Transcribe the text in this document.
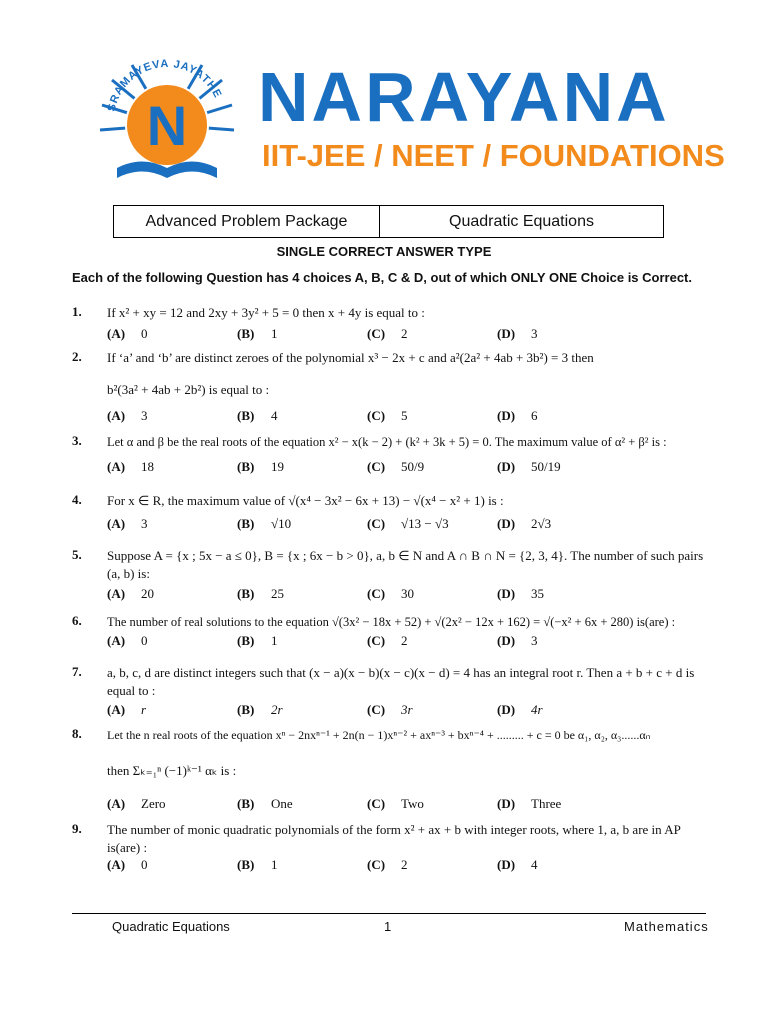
N
SRAMAYEVA JAYATHE NARAYANA
IIT-JEE / NEET / FOUNDATIONS
Advanced Problem Package	Quadratic Equations
SINGLE CORRECT ANSWER TYPE
Each of the following Question has 4 choices A, B, C & D, out of which ONLY ONE Choice is Correct.
1. If x² + xy = 12 and 2xy + 3y² + 5 = 0 then x + 4y is equal to :
(A) 0	(B) 1	(C) 2	(D) 3
2. If ‘a’ and ‘b’ are distinct zeroes of the polynomial x³ − 2x + c and a²(2a² + 4ab + 3b²) = 3 then
b²(3a² + 4ab + 2b²) is equal to :
(A) 3	(B) 4	(C) 5	(D) 6
3. Let α and β be the real roots of the equation x² − x(k − 2) + (k² + 3k + 5) = 0. The maximum value of α² + β² is :
(A) 18	(B) 19	(C) 50/9	(D) 50/19
4. For x ∈ R, the maximum value of √(x⁴ − 3x² − 6x + 13) − √(x⁴ − x² + 1) is :
(A) 3	(B) √10	(C) √13 − √3	(D) 2√3
5. Suppose A = {x ; 5x − a ≤ 0}, B = {x ; 6x − b > 0}, a, b ∈ N and A ∩ B ∩ N = {2, 3, 4}. The number of such pairs (a, b) is:
(A) 20	(B) 25	(C) 30	(D) 35
6. The number of real solutions to the equation √(3x² − 18x + 52) + √(2x² − 12x + 162) = √(−x² + 6x + 280) is(are) :
(A) 0	(B) 1	(C) 2	(D) 3
7. a, b, c, d are distinct integers such that (x − a)(x − b)(x − c)(x − d) = 4 has an integral root r. Then a + b + c + d is equal to :
(A) r	(B) 2r	(C) 3r	(D) 4r
8. Let the n real roots of the equation xⁿ − 2nxⁿ⁻¹ + 2n(n − 1)xⁿ⁻² + axⁿ⁻³ + bxⁿ⁻⁴ + ......... + c = 0 be α₁, α₂, α₃......αₙ
then Σₖ₌₁ⁿ (−1)ᵏ⁻¹ αₖ is :
(A) Zero	(B) One	(C) Two	(D) Three
9. The number of monic quadratic polynomials of the form x² + ax + b with integer roots, where 1, a, b are in AP is(are) :
(A) 0	(B) 1	(C) 2	(D) 4
Quadratic Equations	1	Mathematics
